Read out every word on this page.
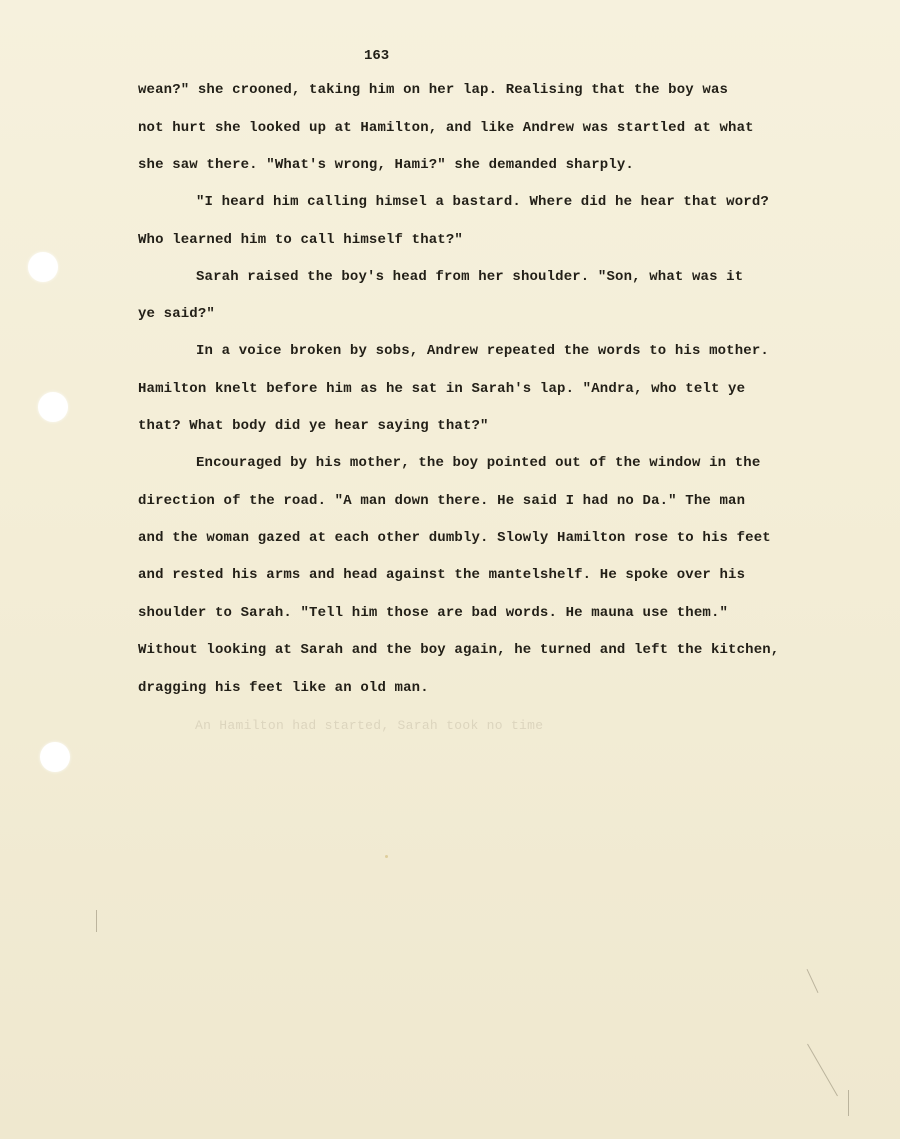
163
wean?" she crooned, taking him on her lap. Realising that the boy was
not hurt she looked up at Hamilton, and like Andrew was startled at what
she saw there. "What's wrong, Hami?" she demanded sharply.
"I heard him calling himsel a bastard. Where did he hear that word?
Who learned him to call himself that?"
Sarah raised the boy's head from her shoulder. "Son, what was it
ye said?"
In a voice broken by sobs, Andrew repeated the words to his mother.
Hamilton knelt before him as he sat in Sarah's lap. "Andra, who telt ye
that? What body did ye hear saying that?"
Encouraged by his mother, the boy pointed out of the window in the
direction of the road. "A man down there. He said I had no Da." The man
and the woman gazed at each other dumbly. Slowly Hamilton rose to his feet
and rested his arms and head against the mantelshelf. He spoke over his
shoulder to Sarah. "Tell him those are bad words. He mauna use them."
Without looking at Sarah and the boy again, he turned and left the kitchen,
dragging his feet like an old man.
An Hamilton had started, Sarah took no time
